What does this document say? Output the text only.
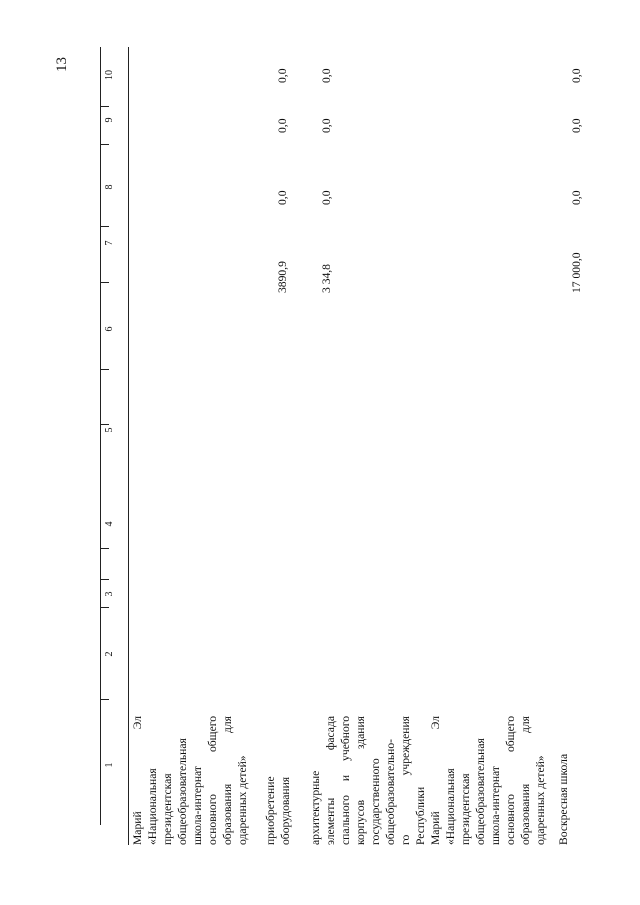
13
1
2
3
4
5
6
7
8
9
10
Марий
Эл
«Национальная президентская общеобразовательная школа-интернат основного
общего
образования
для
одаренных детей» приобретение оборудования
3890,9
0,0
0,0
0,0
архитектурные элементы
фасада
спального
и
учебного
корпусов
здания
государственного общеобразовательно- го
учреждения
Республики Марий
Эл
«Национальная президентская общеобразовательная школа-интернат основного
общего
образования
для
одаренных детей»
3 34,8
0,0
0,0
0,0
Воскресная школа
17 000,0
0,0
0,0
0,0
